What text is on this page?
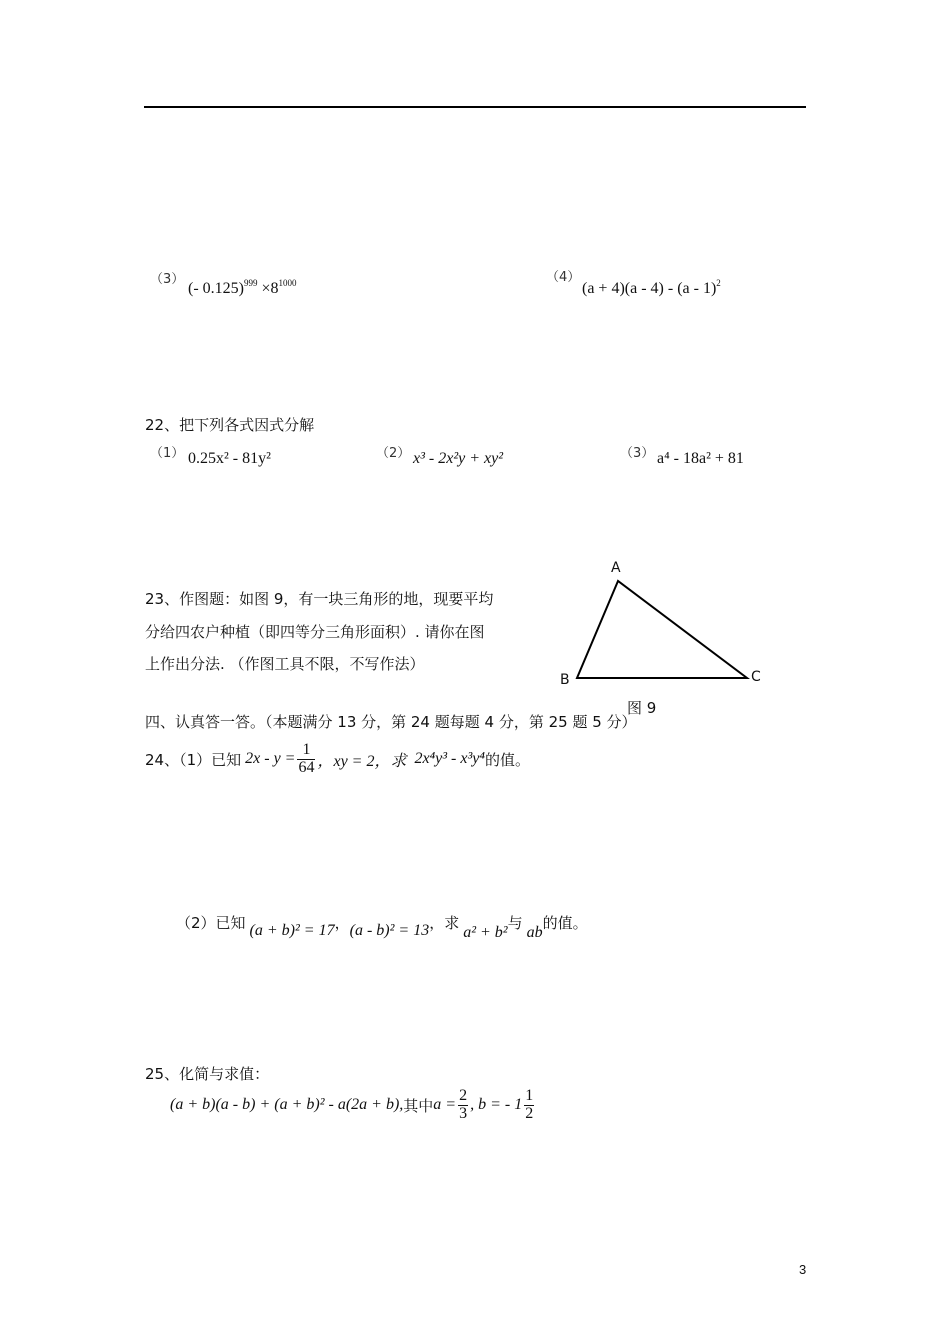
（3）
(- $0.125)^{999} \times 8^{1000}$	（4）
(a + 4)(a - 4) - (a - 1)$^2$
22、把下列各式因式分解
（1） 0.25x² - 81y²	（2） x³ - 2x²y + xy²	（3） a⁴ - 18a² + 81
23、作图题：如图 9，有一块三角形的地，现要平均
分给四农户种植（即四等分三角形面积）. 请你在图
上作出分法. （作图工具不限，不写作法）
A
B	C
图 9
四、认真答一答。（本题满分 13 分，第 24 题每题 4 分，第 25 题 5 分）
24、（1）已知 $2x - y = \frac{1}{64}$ ，xy = 2，求 2x⁴y³ - x³y⁴ 的值。
（2）已知 (a + b)² = 17 ， (a - b)² = 13 ，求 a² + b² 与 ab 的值。
25、化简与求值：
(a + b)(a - b) + (a + b)² - a(2a + b), 其中 $a = \frac{2}{3}$ , b = - $1 \frac{1}{2}$
3
